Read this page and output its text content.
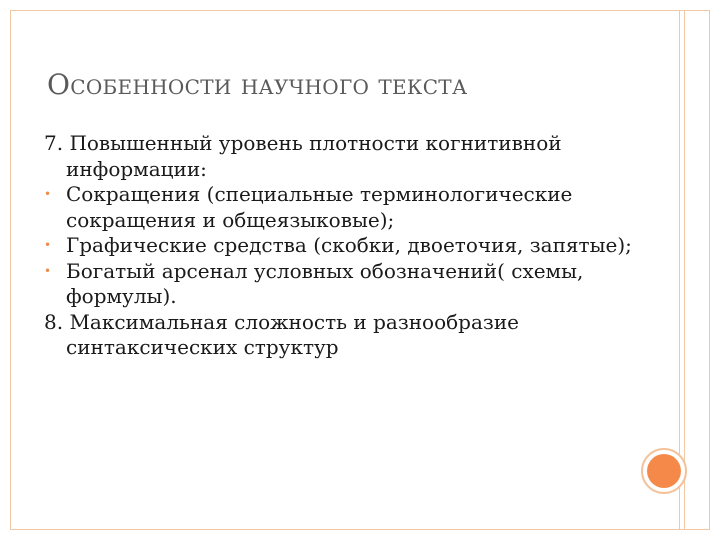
Особенности научного текста

7. Повышенный уровень плотности когнитивной информации:

• Сокращения (специальные терминологические сокращения и общеязыковые);
• Графические средства (скобки, двоеточия, запятые);
• Богатый арсенал условных обозначений( схемы, формулы).

8. Максимальная сложность и разнообразие синтаксических структур
